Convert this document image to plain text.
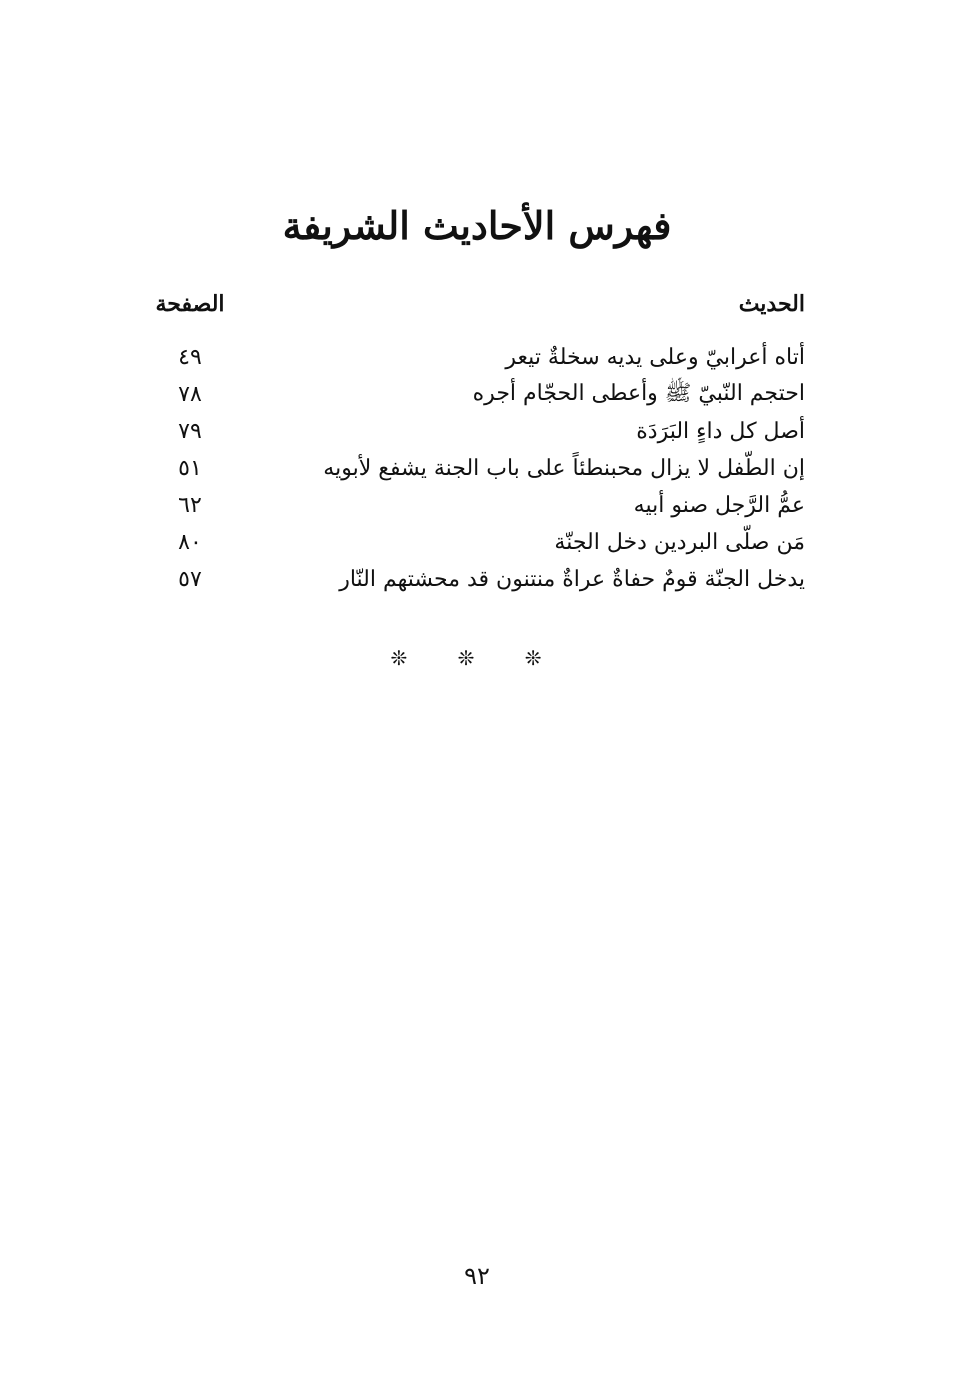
فهرس الأحاديث الشريفة
الحديث
الصفحة
أتاه أعرابيّ وعلى يديه سخلةٌ تيعر
٤٩
احتجم النّبيّ ﷺ وأعطى الحجّام أجره
٧٨
أصل كل داءٍ البَرَدَة
٧٩
إن الطّفل لا يزال محبنطئاً على باب الجنة يشفع لأبويه
٥١
عمُّ الرَّجل صنو أبيه
٦٢
مَن صلّى البردين دخل الجنّة
٨٠
يدخل الجنّة قومٌ حفاةٌ عراةٌ منتنون قد محشتهم النّار
٥٧
❊ ❊ ❊
٩٢
